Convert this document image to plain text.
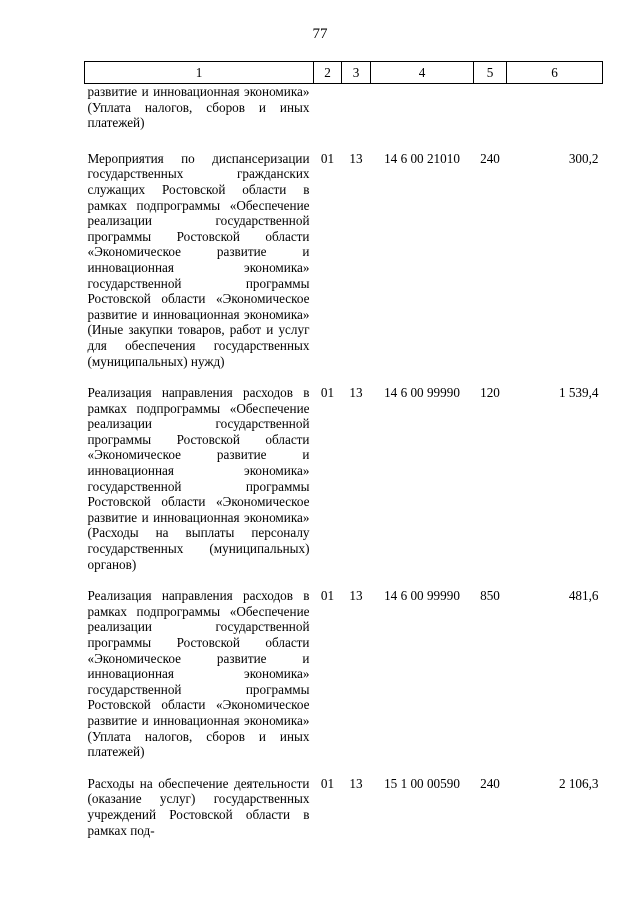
77
1	2	3	4	5	6
развитие и инновационная экономика» (Уплата налогов, сборов и иных платежей)					
Мероприятия по диспансеризации государственных гражданских служащих Ростовской области в рамках подпрограммы «Обеспечение реализации государственной программы Ростовской области «Экономическое развитие и инновационная экономика» государственной программы Ростовской области «Экономическое развитие и инновационная экономика» (Иные закупки товаров, работ и услуг для обеспечения государственных (муниципальных) нужд)	01	13	14 6 00 21010	240	300,2
Реализация направления расходов в рамках подпрограммы «Обеспечение реализации государственной программы Ростовской области «Экономическое развитие и инновационная экономика» государственной программы Ростовской области «Экономическое развитие и инновационная экономика» (Расходы на выплаты персоналу государственных (муниципальных) органов)	01	13	14 6 00 99990	120	1 539,4
Реализация направления расходов в рамках подпрограммы «Обеспечение реализации государственной программы Ростовской области «Экономическое развитие и инновационная экономика» государственной программы Ростовской области «Экономическое развитие и инновационная экономика» (Уплата налогов, сборов и иных платежей)	01	13	14 6 00 99990	850	481,6
Расходы на обеспечение деятельности (оказание услуг) государственных учреждений Ростовской области в рамках под-	01	13	15 1 00 00590	240	2 106,3
